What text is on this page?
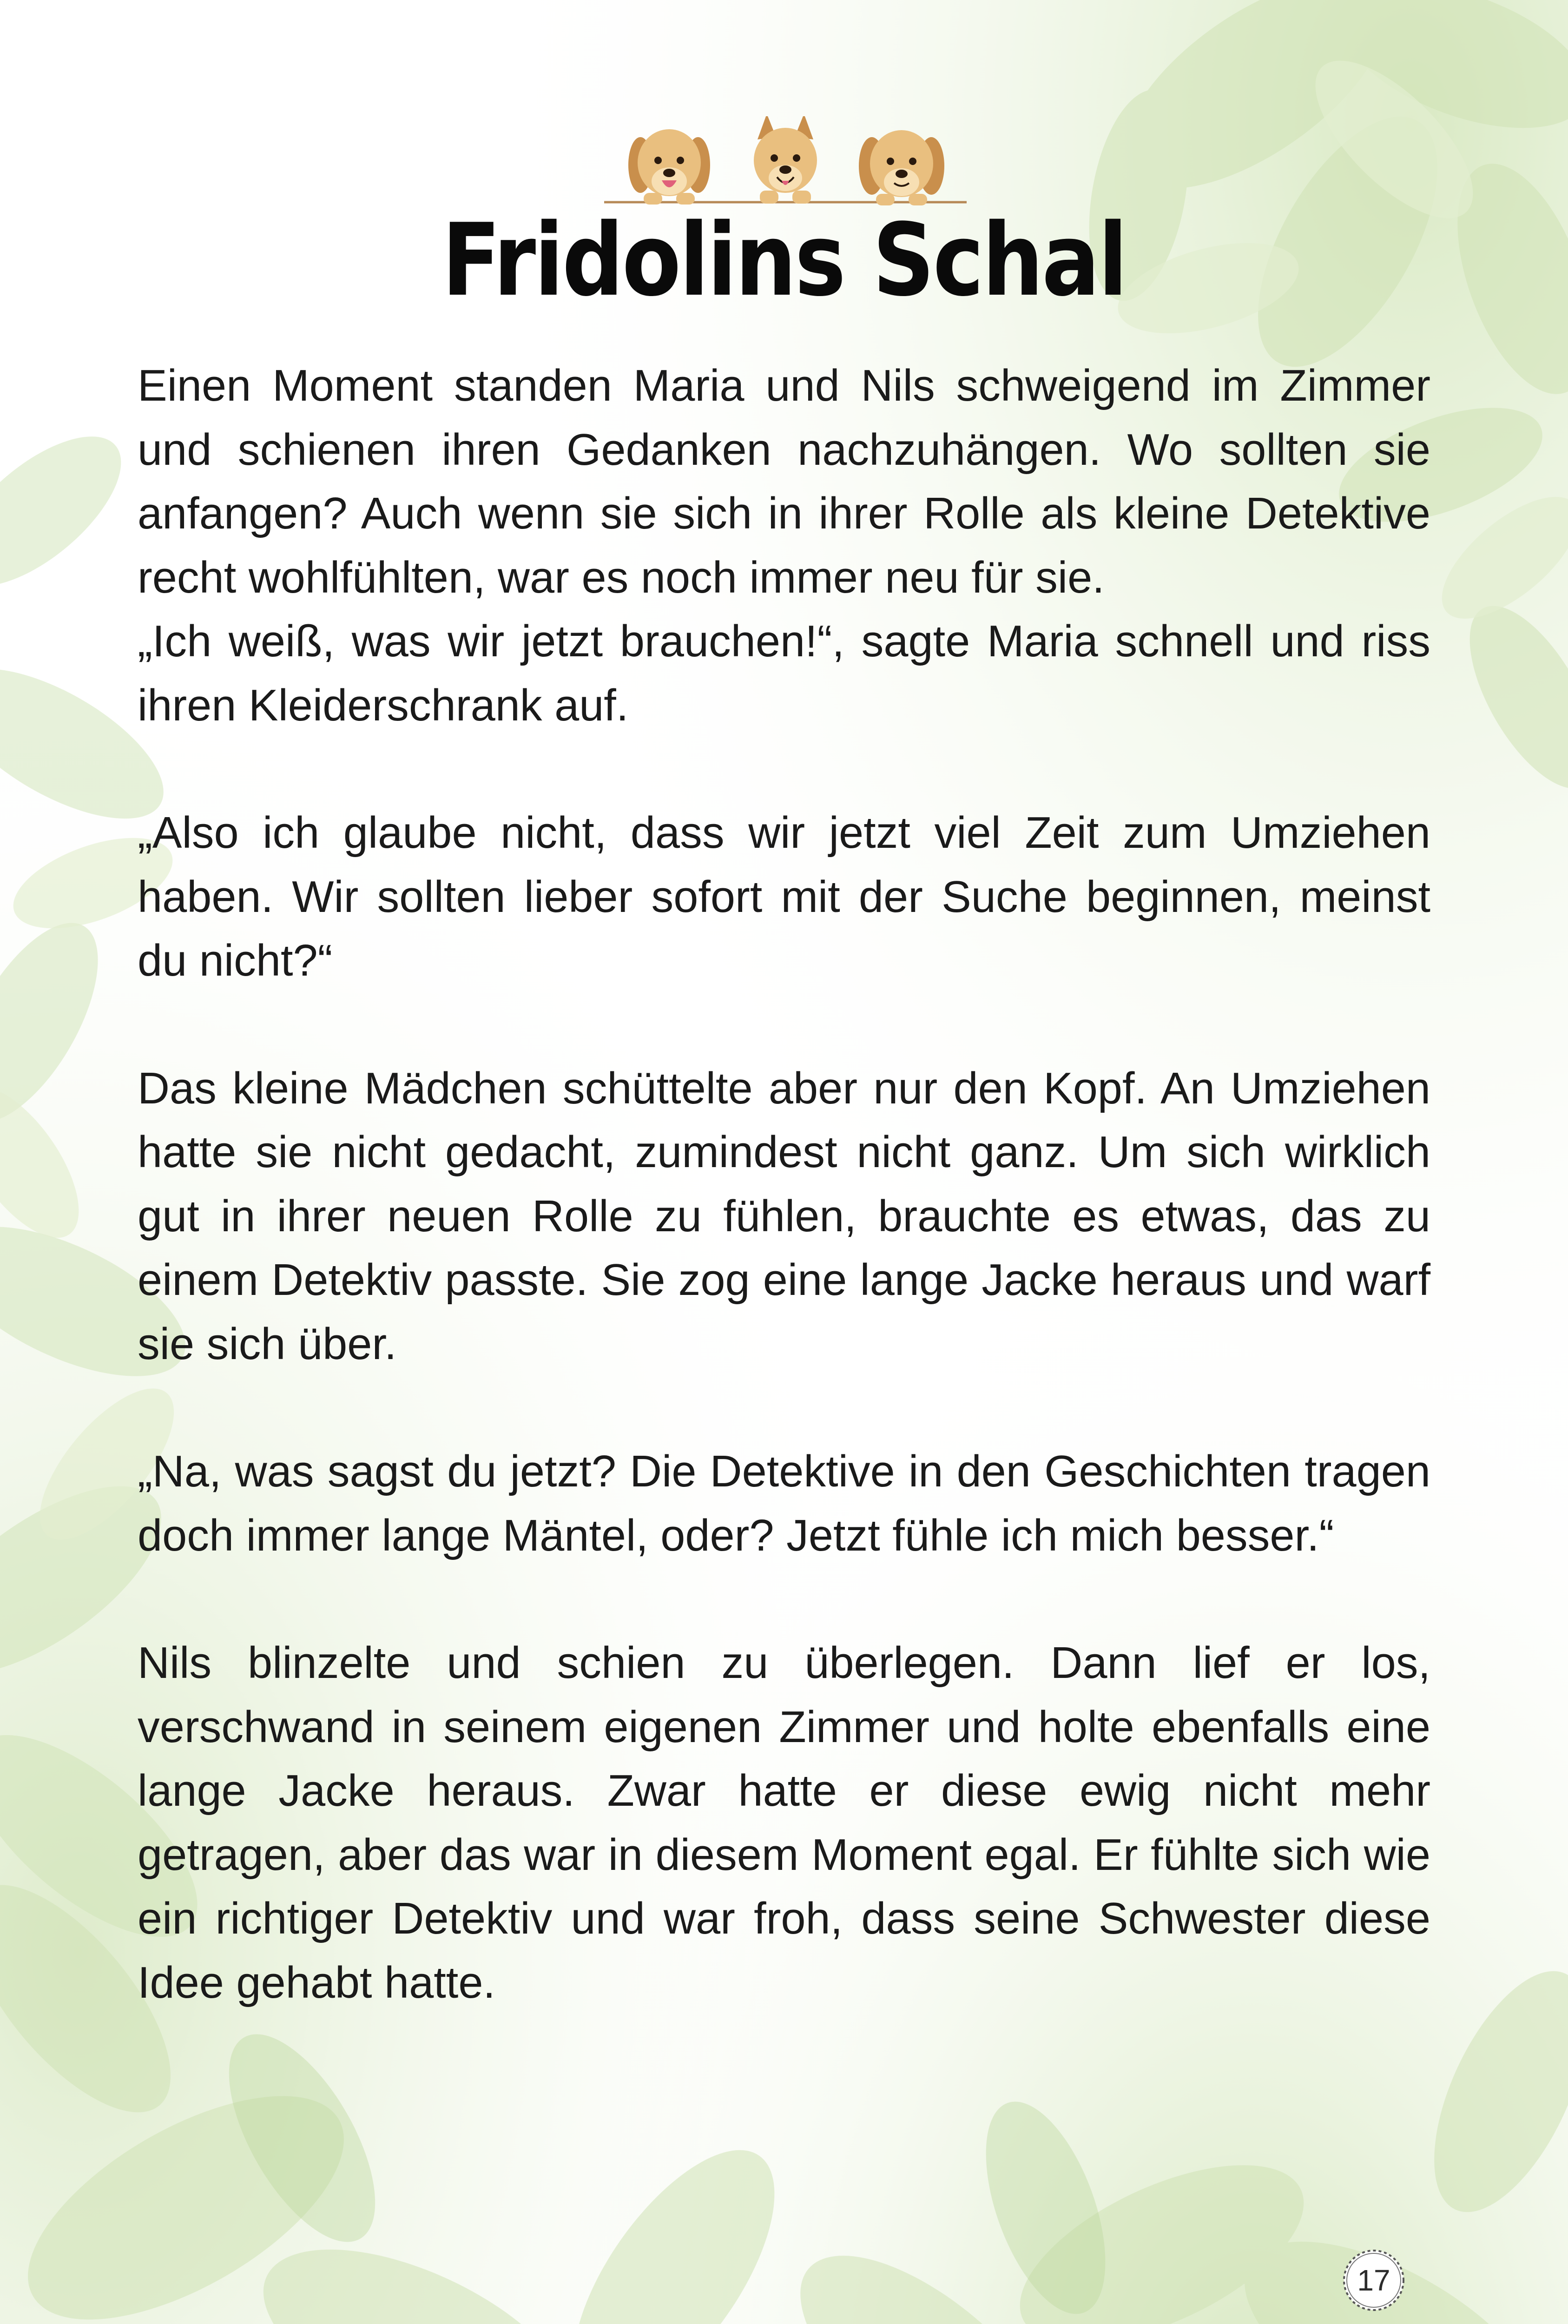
Fridolins Schal

Einen Moment standen Maria und Nils schweigend im Zimmer und schienen ihren Gedanken nachzuhängen. Wo sollten sie anfangen? Auch wenn sie sich in ihrer Rolle als kleine Detektive recht wohlfühlten, war es noch immer neu für sie.
„Ich weiß, was wir jetzt brauchen!“, sagte Maria schnell und riss ihren Kleiderschrank auf.

„Also ich glaube nicht, dass wir jetzt viel Zeit zum Umziehen haben. Wir sollten lieber sofort mit der Suche beginnen, meinst du nicht?“

Das kleine Mädchen schüttelte aber nur den Kopf. An Umziehen hatte sie nicht gedacht, zumindest nicht ganz. Um sich wirklich gut in ihrer neuen Rolle zu fühlen, brauchte es etwas, das zu einem Detektiv passte. Sie zog eine lange Jacke heraus und warf sie sich über.

„Na, was sagst du jetzt? Die Detektive in den Geschichten tragen doch immer lange Mäntel, oder? Jetzt fühle ich mich besser.“

Nils blinzelte und schien zu überlegen. Dann lief er los, verschwand in seinem eigenen Zimmer und holte ebenfalls eine lange Jacke heraus. Zwar hatte er diese ewig nicht mehr getragen, aber das war in diesem Moment egal. Er fühlte sich wie ein richtiger Detektiv und war froh, dass seine Schwester diese Idee gehabt hatte.

17
